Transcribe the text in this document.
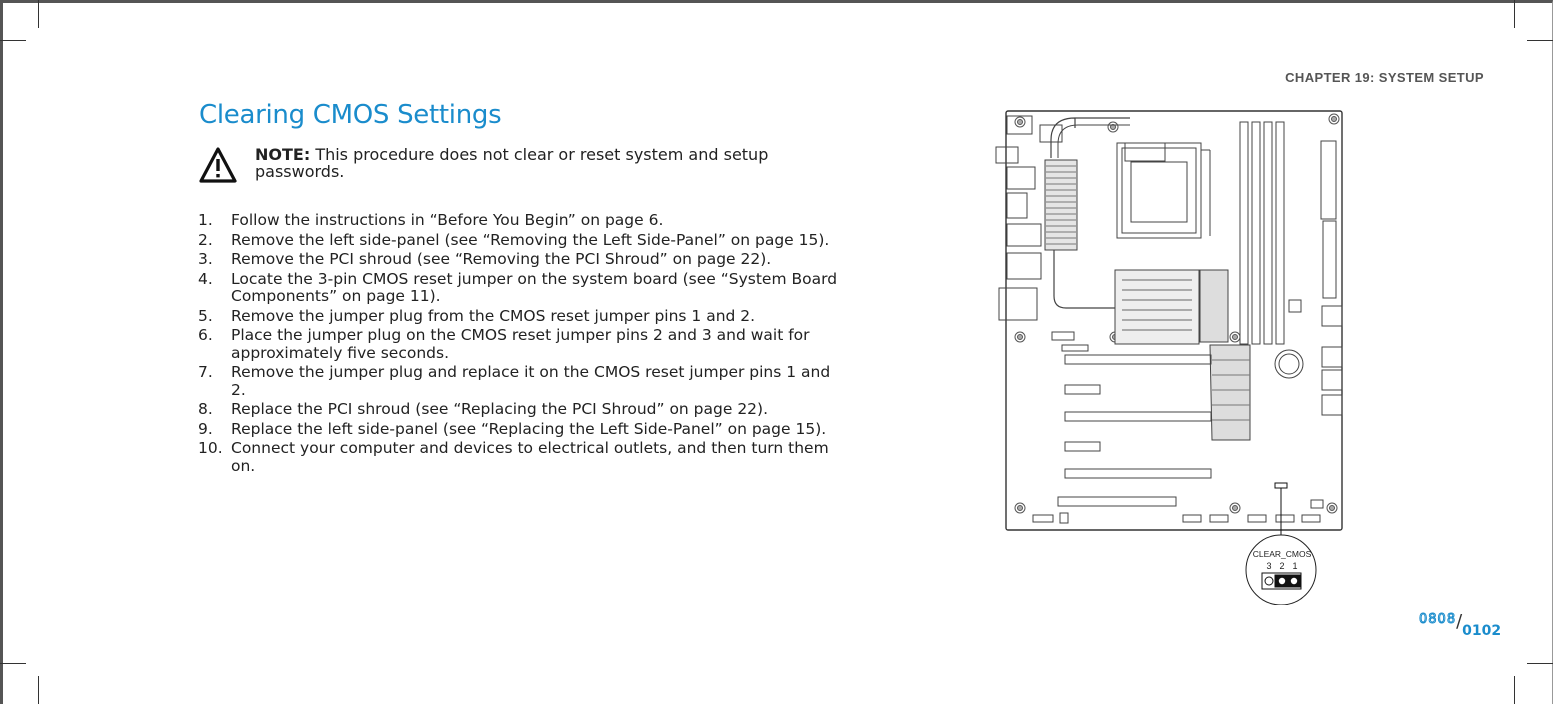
CHAPTER 19: SYSTEM SETUP
Clearing CMOS Settings
NOTE: This procedure does not clear or reset system and setup passwords.
1. Follow the instructions in “Before You Begin” on page 6.
2. Remove the left side-panel (see “Removing the Left Side-Panel” on page 15).
3. Remove the PCI shroud (see “Removing the PCI Shroud” on page 22).
4. Locate the 3-pin CMOS reset jumper on the system board (see “System Board Components” on page 11).
5. Remove the jumper plug from the CMOS reset jumper pins 1 and 2.
6. Place the jumper plug on the CMOS reset jumper pins 2 and 3 and wait for approximately five seconds.
7. Remove the jumper plug and replace it on the CMOS reset jumper pins 1 and 2.
8. Replace the PCI shroud (see “Replacing the PCI Shroud” on page 22).
9. Replace the left side-panel (see “Replacing the Left Side-Panel” on page 15).
10. Connect your computer and devices to electrical outlets, and then turn them on.
CLEAR_CMOS
3 2 1
0808/0102
